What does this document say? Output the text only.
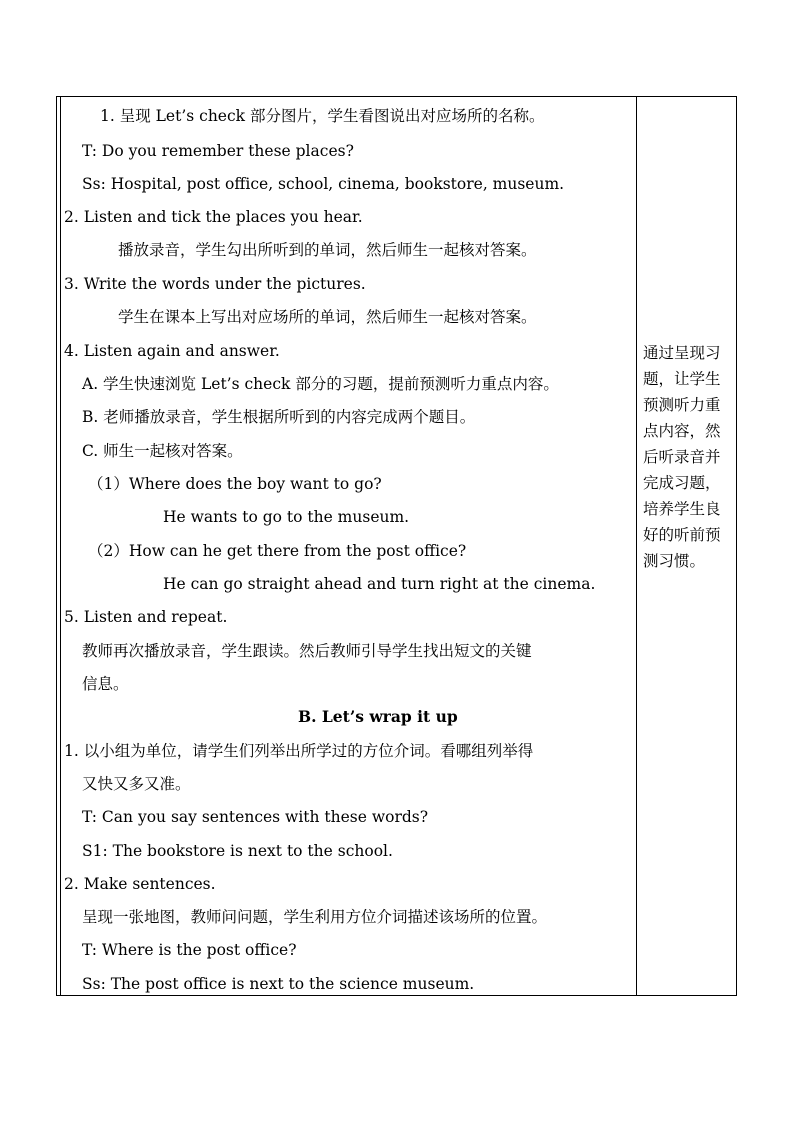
1. 呈现 Let’s check 部分图片，学生看图说出对应场所的名称。
T: Do you remember these places?
Ss: Hospital, post office, school, cinema, bookstore, museum.
2. Listen and tick the places you hear.
播放录音，学生勾出所听到的单词，然后师生一起核对答案。
3. Write the words under the pictures.
学生在课本上写出对应场所的单词，然后师生一起核对答案。
4. Listen again and answer.
A. 学生快速浏览 Let’s check 部分的习题，提前预测听力重点内容。
B. 老师播放录音，学生根据所听到的内容完成两个题目。
C. 师生一起核对答案。
（1）Where does the boy want to go?
He wants to go to the museum.
（2）How can he get there from the post office?
He can go straight ahead and turn right at the cinema.
5. Listen and repeat.
教师再次播放录音，学生跟读。然后教师引导学生找出短文的关键
信息。
B. Let’s wrap it up
1. 以小组为单位，请学生们列举出所学过的方位介词。看哪组列举得
又快又多又准。
T: Can you say sentences with these words?
S1: The bookstore is next to the school.
2. Make sentences.
呈现一张地图，教师问问题，学生利用方位介词描述该场所的位置。
T: Where is the post office?
Ss: The post office is next to the science museum.
通过呈现习
题，让学生
预测听力重
点内容，然
后听录音并
完成习题，
培养学生良
好的听前预
测习惯。
